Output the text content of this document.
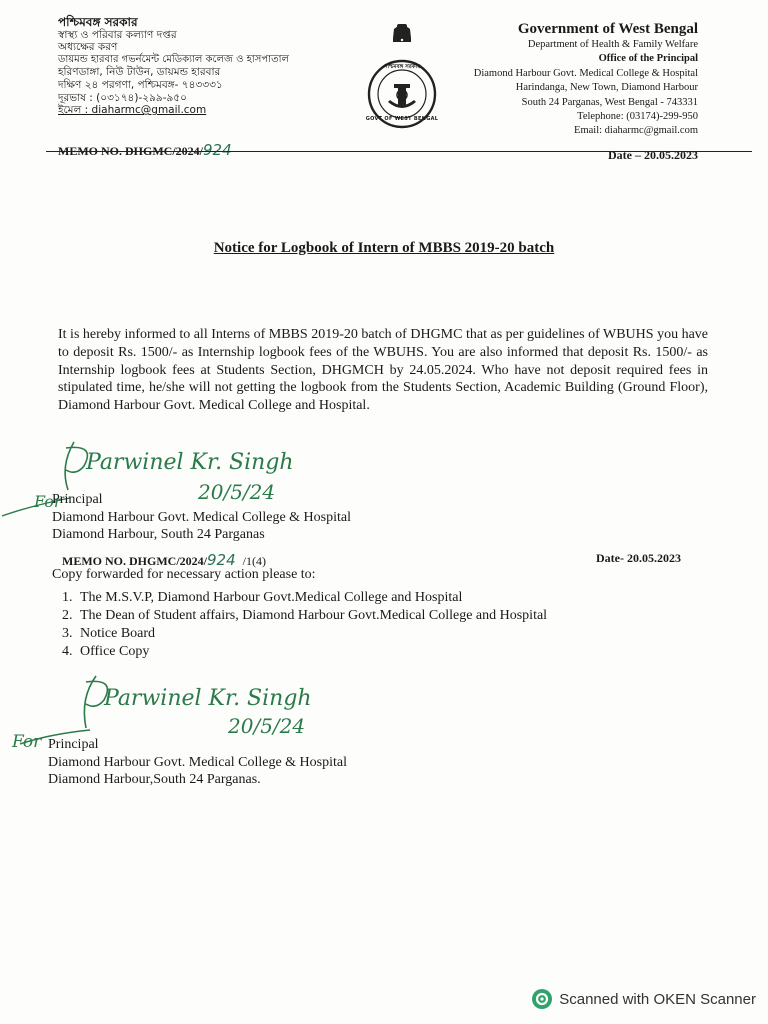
পশ্চিমবঙ্গ সরকার
স্বাস্থ্য ও পরিবার কল্যাণ দপ্তর
অধ্যক্ষের করণ
ডায়মন্ড হারবার গভর্নমেন্ট মেডিক্যাল কলেজ ও হাসপাতাল
হরিণডাঙ্গা, নিউ টাউন, ডায়মন্ড হারবার
দক্ষিণ ২৪ পরগণা, পশ্চিমবঙ্গ- ৭৪৩৩৩১
দূরভাষ : (০৩১৭৪)-২৯৯-৯৫০
ইমেল : diaharmc@gmail.com
পশ্চিমবঙ্গ সরকার
GOVT OF WEST BENGAL
Government of West Bengal
Department of Health & Family Welfare
Office of the Principal
Diamond Harbour Govt. Medical College & Hospital
Harindanga, New Town, Diamond Harbour
South 24 Parganas, West Bengal - 743331
Telephone: (03174)-299-950
Email: diaharmc@gmail.com
MEMO NO. DHGMC/2024/924	Date – 20.05.2023
Notice for Logbook of Intern of MBBS 2019-20 batch
It is hereby informed to all Interns of MBBS 2019-20 batch of DHGMC that as per guidelines of WBUHS you have to deposit Rs. 1500/- as Internship logbook fees of the WBUHS. You are also informed that deposit Rs. 1500/- as Internship logbook fees at Students Section, DHGMCH by 24.05.2024. Who have not deposit required fees in stipulated time, he/she will not getting the logbook from the Students Section, Academic Building (Ground Floor), Diamond Harbour Govt. Medical College and Hospital.
Parwinel Kr. Singh
20/5/24
For
Principal
Diamond Harbour Govt. Medical College & Hospital
Diamond Harbour, South 24 Parganas
MEMO NO. DHGMC/2024/924 /1(4)	Date- 20.05.2023
Copy forwarded for necessary action please to:
1. The M.S.V.P, Diamond Harbour Govt.Medical College and Hospital
2. The Dean of Student affairs, Diamond Harbour Govt.Medical College and Hospital
3. Notice Board
4. Office Copy
Parwinel Kr. Singh
20/5/24
For Principal
Diamond Harbour Govt. Medical College & Hospital
Diamond Harbour,South 24 Parganas.
Scanned with OKEN Scanner
